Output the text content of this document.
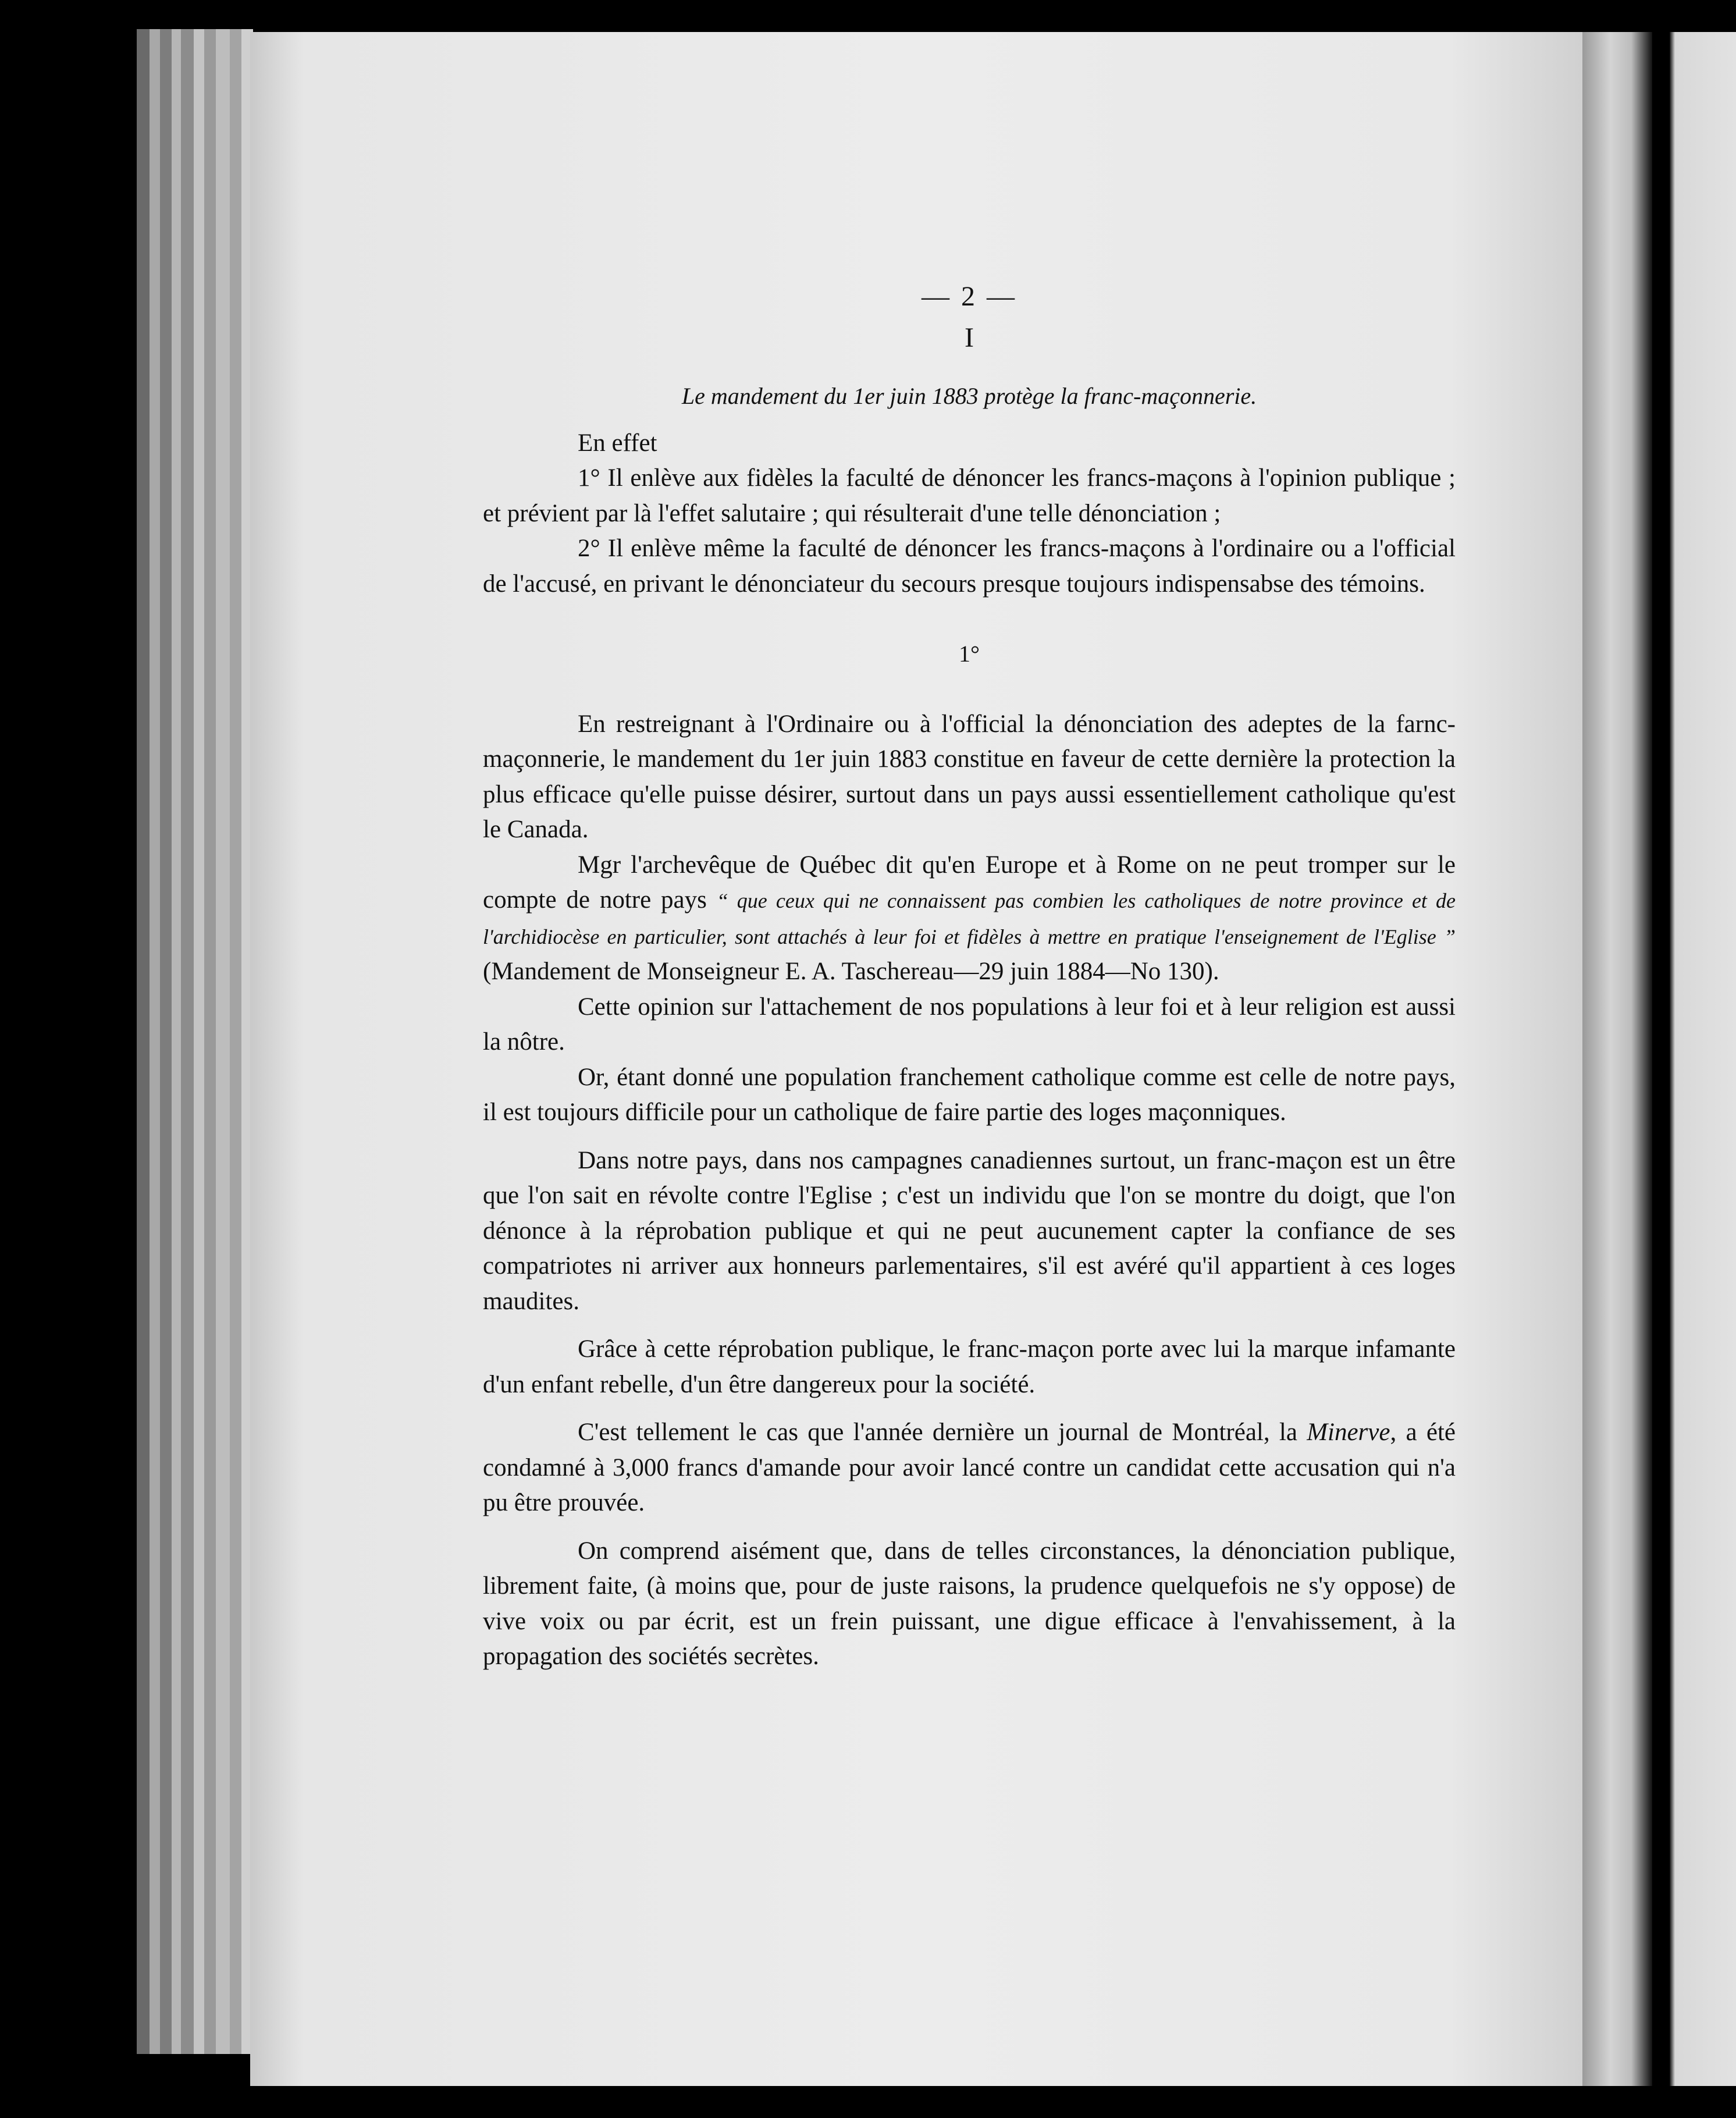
— 2 —
I
Le mandement du 1er juin 1883 protège la franc-maçonnerie.

En effet

1° Il enlève aux fidèles la faculté de dénoncer les francs-maçons à l'opinion publique ; et prévient par là l'effet salutaire ; qui résulterait d'une telle dénonciation ;

2° Il enlève même la faculté de dénoncer les francs-maçons à l'ordinaire ou a l'official de l'accusé, en privant le dénonciateur du secours presque toujours indispensabse des témoins.

1°

En restreignant à l'Ordinaire ou à l'official la dénonciation des adeptes de la farnc-maçonnerie, le mandement du 1er juin 1883 constitue en faveur de cette dernière la protection la plus efficace qu'elle puisse désirer, surtout dans un pays aussi essentiellement catholique qu'est le Canada.

Mgr l'archevêque de Québec dit qu'en Europe et à Rome on ne peut tromper sur le compte de notre pays “ que ceux qui ne connaissent pas combien les catholiques de notre province et de l'archidiocèse en particulier, sont attachés à leur foi et fidèles à mettre en pratique l'enseignement de l'Eglise ” (Mandement de Monseigneur E. A. Taschereau—29 juin 1884—No 130).

Cette opinion sur l'attachement de nos populations à leur foi et à leur religion est aussi la nôtre.

Or, étant donné une population franchement catholique comme est celle de notre pays, il est toujours difficile pour un catholique de faire partie des loges maçonniques.

Dans notre pays, dans nos campagnes canadiennes surtout, un franc-maçon est un être que l'on sait en révolte contre l'Eglise ; c'est un individu que l'on se montre du doigt, que l'on dénonce à la réprobation publique et qui ne peut aucunement capter la confiance de ses compatriotes ni arriver aux honneurs parlementaires, s'il est avéré qu'il appartient à ces loges maudites.

Grâce à cette réprobation publique, le franc-maçon porte avec lui la marque infamante d'un enfant rebelle, d'un être dangereux pour la société.

C'est tellement le cas que l'année dernière un journal de Montréal, la Minerve, a été condamné à 3,000 francs d'amande pour avoir lancé contre un candidat cette accusation qui n'a pu être prouvée.

On comprend aisément que, dans de telles circonstances, la dénonciation publique, librement faite, (à moins que, pour de juste raisons, la prudence quelquefois ne s'y oppose) de vive voix ou par écrit, est un frein puissant, une digue efficace à l'envahissement, à la propagation des sociétés secrètes.
